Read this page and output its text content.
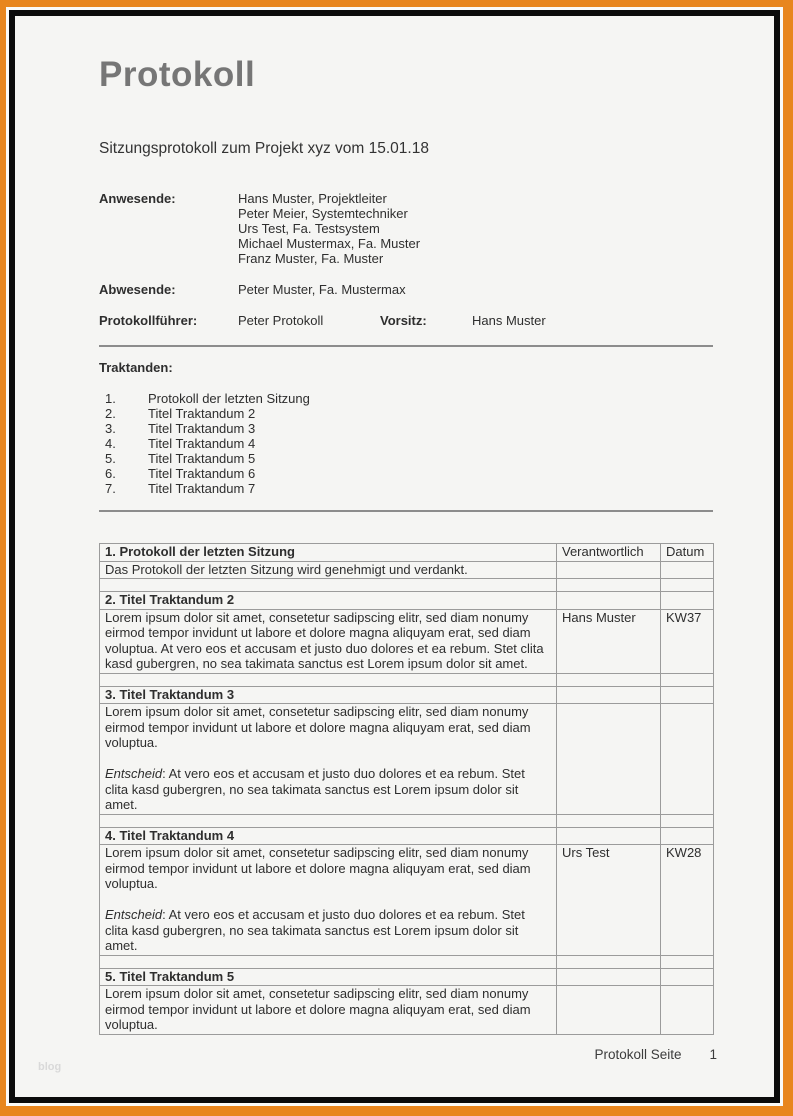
Protokoll
Sitzungsprotokoll zum Projekt xyz vom 15.01.18
Anwesende:	Hans Muster, Projektleiter
Peter Meier, Systemtechniker
Urs Test, Fa. Testsystem
Michael Mustermax, Fa. Muster
Franz Muster, Fa. Muster
Abwesende:	Peter Muster, Fa. Mustermax
Protokollführer:	Peter Protokoll	Vorsitz:	Hans Muster
Traktanden:
1.	Protokoll der letzten Sitzung
2.	Titel Traktandum 2
3.	Titel Traktandum 3
4.	Titel Traktandum 4
5.	Titel Traktandum 5
6.	Titel Traktandum 6
7.	Titel Traktandum 7
1. Protokoll der letzten Sitzung	Verantwortlich	Datum

Das Protokoll der letzten Sitzung wird genehmigt und verdankt.		

2. Titel Traktandum 2		

Lorem ipsum dolor sit amet, consetetur sadipscing elitr, sed diam nonumy eirmod tempor invidunt ut labore et dolore magna aliquyam erat, sed diam voluptua. At vero eos et accusam et justo duo dolores et ea rebum. Stet clita kasd gubergren, no sea takimata sanctus est Lorem ipsum dolor sit amet.	Hans Muster	KW37

3. Titel Traktandum 3		

Lorem ipsum dolor sit amet, consetetur sadipscing elitr, sed diam nonumy eirmod tempor invidunt ut labore et dolore magna aliquyam erat, sed diam voluptua.

Entscheid: At vero eos et accusam et justo duo dolores et ea rebum. Stet clita kasd gubergren, no sea takimata sanctus est Lorem ipsum dolor sit amet.		

4. Titel Traktandum 4		

Lorem ipsum dolor sit amet, consetetur sadipscing elitr, sed diam nonumy eirmod tempor invidunt ut labore et dolore magna aliquyam erat, sed diam voluptua.

Entscheid: At vero eos et accusam et justo duo dolores et ea rebum. Stet clita kasd gubergren, no sea takimata sanctus est Lorem ipsum dolor sit amet.	Urs Test	KW28

5. Titel Traktandum 5		

Lorem ipsum dolor sit amet, consetetur sadipscing elitr, sed diam nonumy eirmod tempor invidunt ut labore et dolore magna aliquyam erat, sed diam voluptua.		

blog
Protokoll Seite 1
